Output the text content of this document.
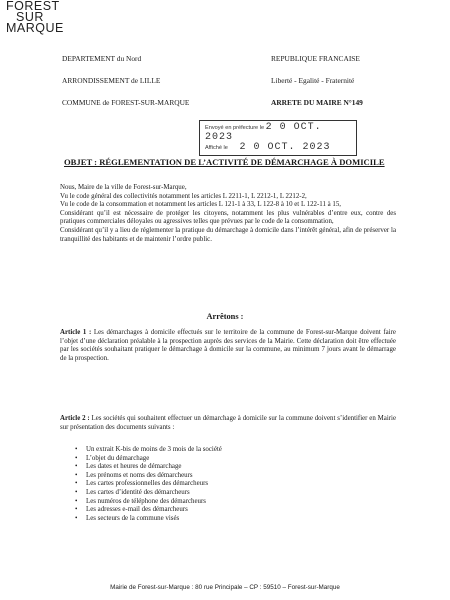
FOREST
SUR
MARQUE
DEPARTEMENT du Nord
ARRONDISSEMENT de LILLE
COMMUNE de FOREST-SUR-MARQUE
REPUBLIQUE FRANCAISE
Liberté - Egalité - Fraternité
ARRETE DU MAIRE N°149
Envoyé en préfecture le 2 0 OCT. 2023
Affiché le 2 0 OCT. 2023
OBJET : RÉGLEMENTATION DE L’ACTIVITÉ DE DÉMARCHAGE À DOMICILE
Nous, Maire de la ville de Forest-sur-Marque,
Vu le code général des collectivités notamment les articles L 2211-1, L 2212-1, L 2212-2,
Vu le code de la consommation et notamment les articles L 121-1 à 33, L 122-8 à 10 et L 122-11 à 15,
Considérant qu’il est nécessaire de protéger les citoyens, notamment les plus vulnérables d’entre eux, contre des pratiques commerciales déloyales ou agressives telles que prévues par le code de la consommation,
Considérant qu’il y a lieu de réglementer la pratique du démarchage à domicile dans l’intérêt général, afin de préserver la tranquillité des habitants et de maintenir l’ordre public.
Arrêtons :
Article 1 : Les démarchages à domicile effectués sur le territoire de la commune de Forest-sur-Marque doivent faire l’objet d’une déclaration préalable à la prospection auprès des services de la Mairie. Cette déclaration doit être effectuée par les sociétés souhaitant pratiquer le démarchage à domicile sur la commune, au minimum 7 jours avant le démarrage de la prospection.
Article 2 : Les sociétés qui souhaitent effectuer un démarchage à domicile sur la commune doivent s’identifier en Mairie sur présentation des documents suivants :
• Un extrait K-bis de moins de 3 mois de la société
• L’objet du démarchage
• Les dates et heures de démarchage
• Les prénoms et noms des démarcheurs
• Les cartes professionnelles des démarcheurs
• Les cartes d’identité des démarcheurs
• Les numéros de téléphone des démarcheurs
• Les adresses e-mail des démarcheurs
• Les secteurs de la commune visés
Mairie de Forest-sur-Marque : 80 rue Principale – CP : 59510 – Forest-sur-Marque
